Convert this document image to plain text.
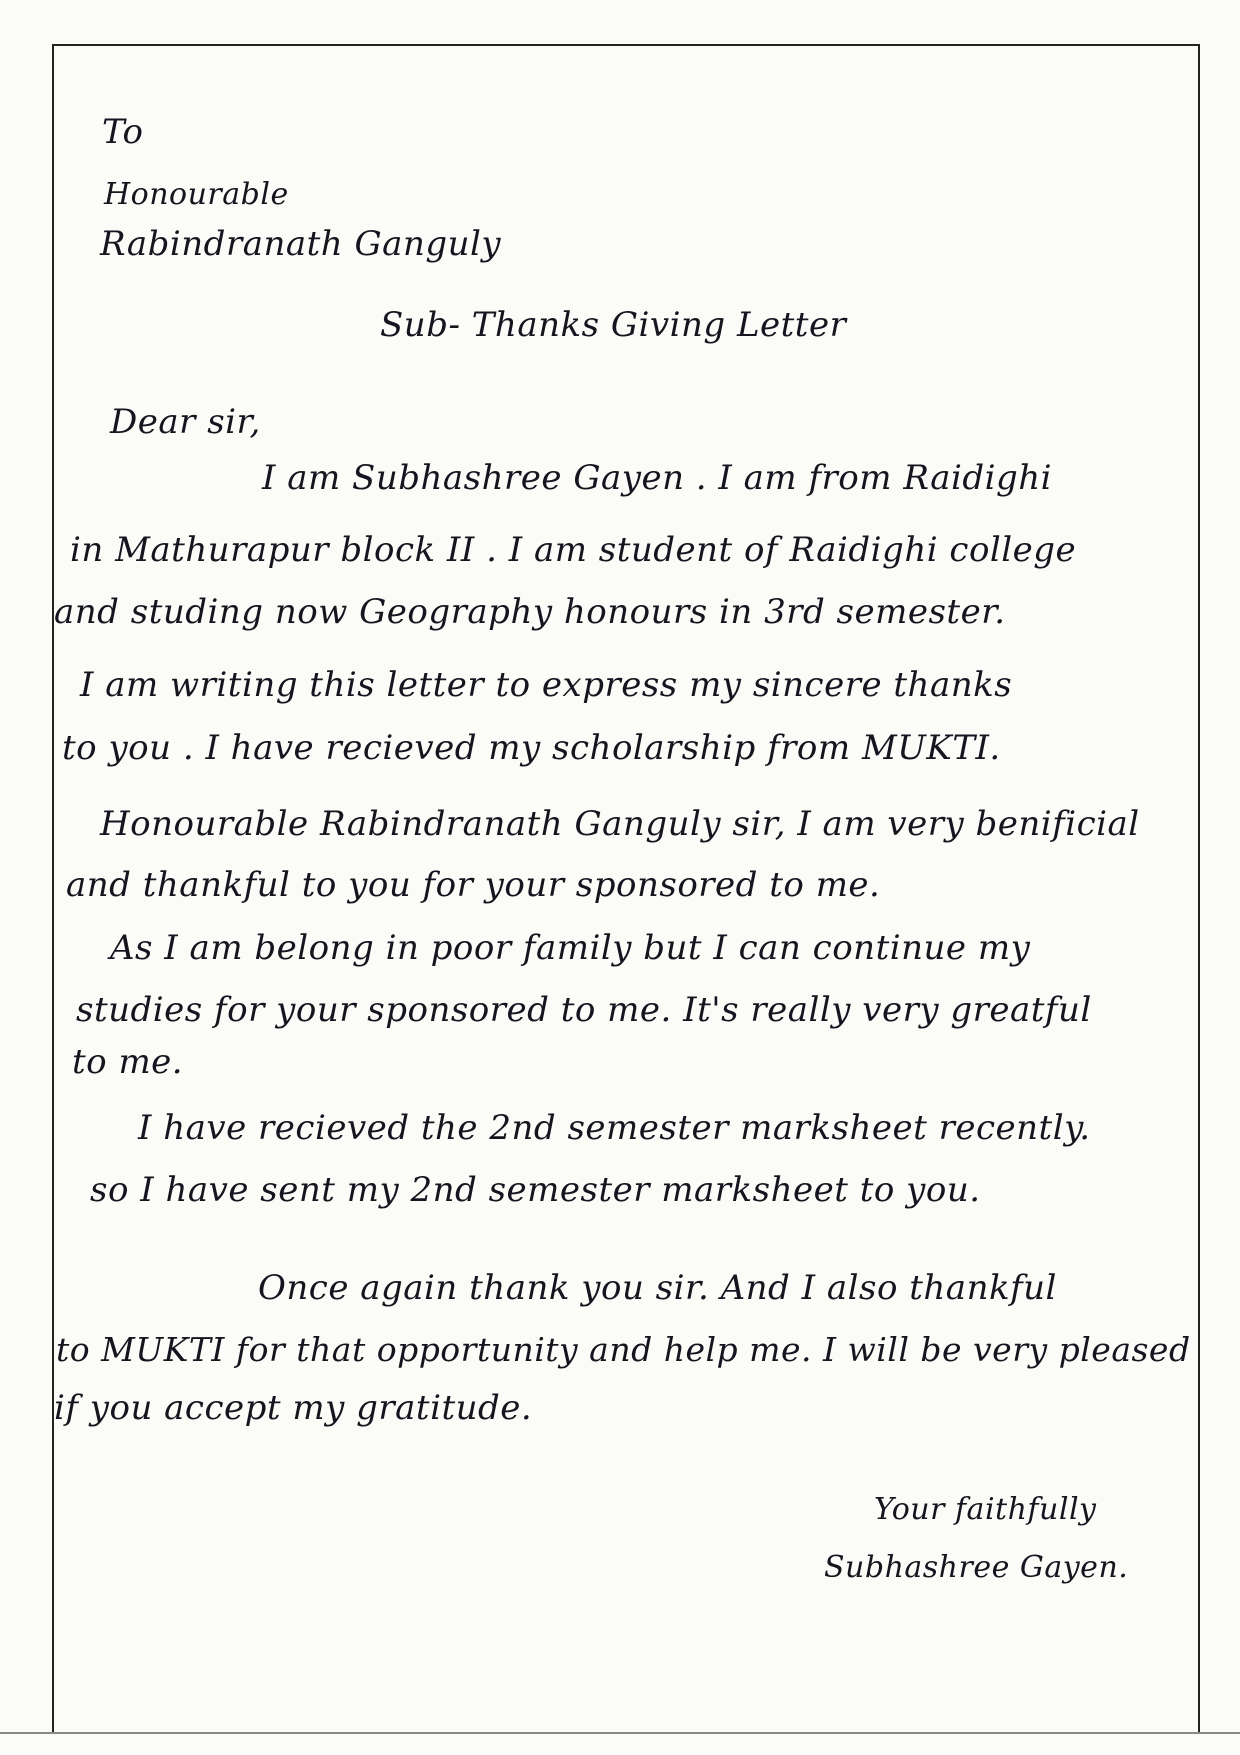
To
Honourable
Rabindranath Ganguly
Sub- Thanks Giving Letter
Dear sir,
I am Subhashree Gayen . I am from Raidighi
in Mathurapur block II . I am student of Raidighi college
and studing now Geography honours in 3rd semester.
I am writing this letter to express my sincere thanks
to you . I have recieved my scholarship from MUKTI.
Honourable Rabindranath Ganguly sir, I am very benificial
and thankful to you for your sponsored to me.
As I am belong in poor family but I can continue my
studies for your sponsored to me. It's really very greatful
to me.
I have recieved the 2nd semester marksheet recently.
so I have sent my 2nd semester marksheet to you.
Once again thank you sir. And I also thankful
to MUKTI for that opportunity and help me. I will be very pleased
if you accept my gratitude.
Your faithfully
Subhashree Gayen.
